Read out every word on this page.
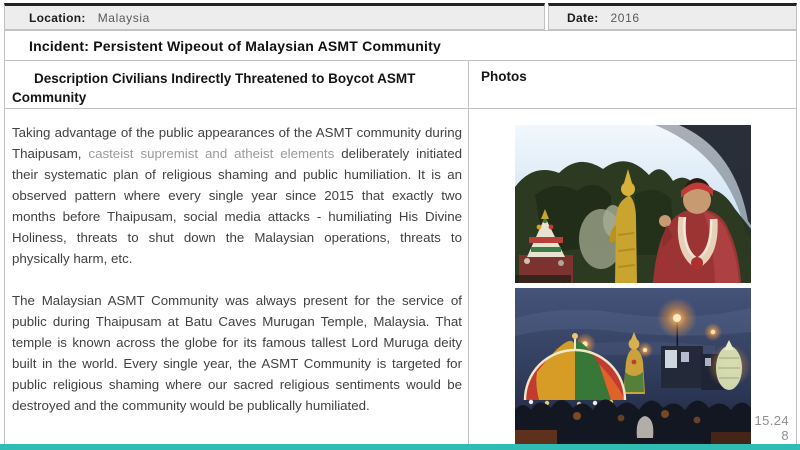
Location: Malaysia	Date: 2016
Incident: Persistent Wipeout of Malaysian ASMT Community
Description Civilians Indirectly Threatened to Boycot ASMT Community

Taking advantage of the public appearances of the ASMT community during Thaipusam, casteist supremist and atheist elements deliberately initiated their systematic plan of religious shaming and public humiliation. It is an observed pattern where every single year since 2015 that exactly two months before Thaipusam, social media attacks - humiliating His Divine Holiness, threats to shut down the Malaysian operations, threats to physically harm, etc.

The Malaysian ASMT Community was always present for the service of public during Thaipusam at Batu Caves Murugan Temple, Malaysia. That temple is known across the globe for its famous tallest Lord Muruga deity built in the world. Every single year, the ASMT Community is targeted for public religious shaming where our sacred religious sentiments would be destroyed and the community would be publically humiliated.

Photos
15.24
8
